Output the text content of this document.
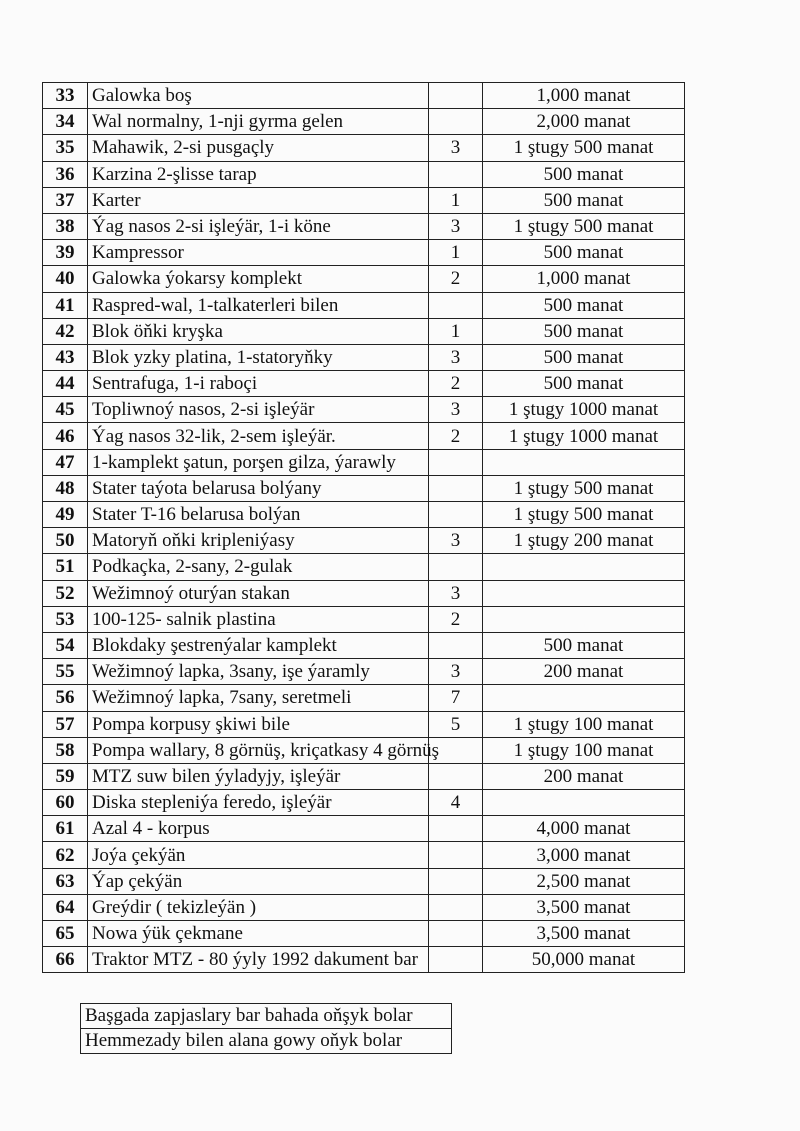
33	Galowka boş		1,000 manat
34	Wal normalny, 1-nji gyrma gelen		2,000 manat
35	Mahawik, 2-si pusgaçly	3	1 ştugy 500 manat
36	Karzina 2-şlisse tarap		500 manat
37	Karter	1	500 manat
38	Ýag nasos 2-si işleýär, 1-i köne	3	1 ştugy 500 manat
39	Kampressor	1	500 manat
40	Galowka ýokarsy komplekt	2	1,000 manat
41	Raspred-wal, 1-talkaterleri bilen		500 manat
42	Blok öňki kryşka	1	500 manat
43	Blok yzky platina, 1-statoryňky	3	500 manat
44	Sentrafuga, 1-i raboçi	2	500 manat
45	Topliwnoý nasos, 2-si işleýär	3	1 ştugy 1000 manat
46	Ýag nasos 32-lik, 2-sem işleýär.	2	1 ştugy 1000 manat
47	1-kamplekt şatun, porşen gilza, ýarawly		
48	Stater taýota belarusa bolýany		1 ştugy 500 manat
49	Stater T-16 belarusa bolýan		1 ştugy 500 manat
50	Matoryň oňki kripleniýasy	3	1 ştugy 200 manat
51	Podkaçka, 2-sany, 2-gulak		
52	Wežimnoý oturýan stakan	3	
53	100-125- salnik plastina	2	
54	Blokdaky şestrenýalar kamplekt		500 manat
55	Wežimnoý lapka, 3sany, işe ýaramly	3	200 manat
56	Wežimnoý lapka, 7sany, seretmeli	7	
57	Pompa korpusy şkiwi bile	5	1 ştugy 100 manat
58	Pompa wallary, 8 görnüş, kriçatkasy 4 görnüş		1 ştugy 100 manat
59	MTZ suw bilen ýyladyjy, işleýär		200 manat
60	Diska stepleniýa feredo, işleýär	4	
61	Azal 4 - korpus		4,000 manat
62	Joýa çekýän		3,000 manat
63	Ýap çekýän		2,500 manat
64	Greýdir ( tekizleýän )		3,500 manat
65	Nowa ýük çekmane		3,500 manat
66	Traktor MTZ - 80 ýyly 1992 dakument bar		50,000 manat
Başgada zapjaslary bar bahada oňşyk bolar
Hemmezady bilen alana gowy oňyk bolar
